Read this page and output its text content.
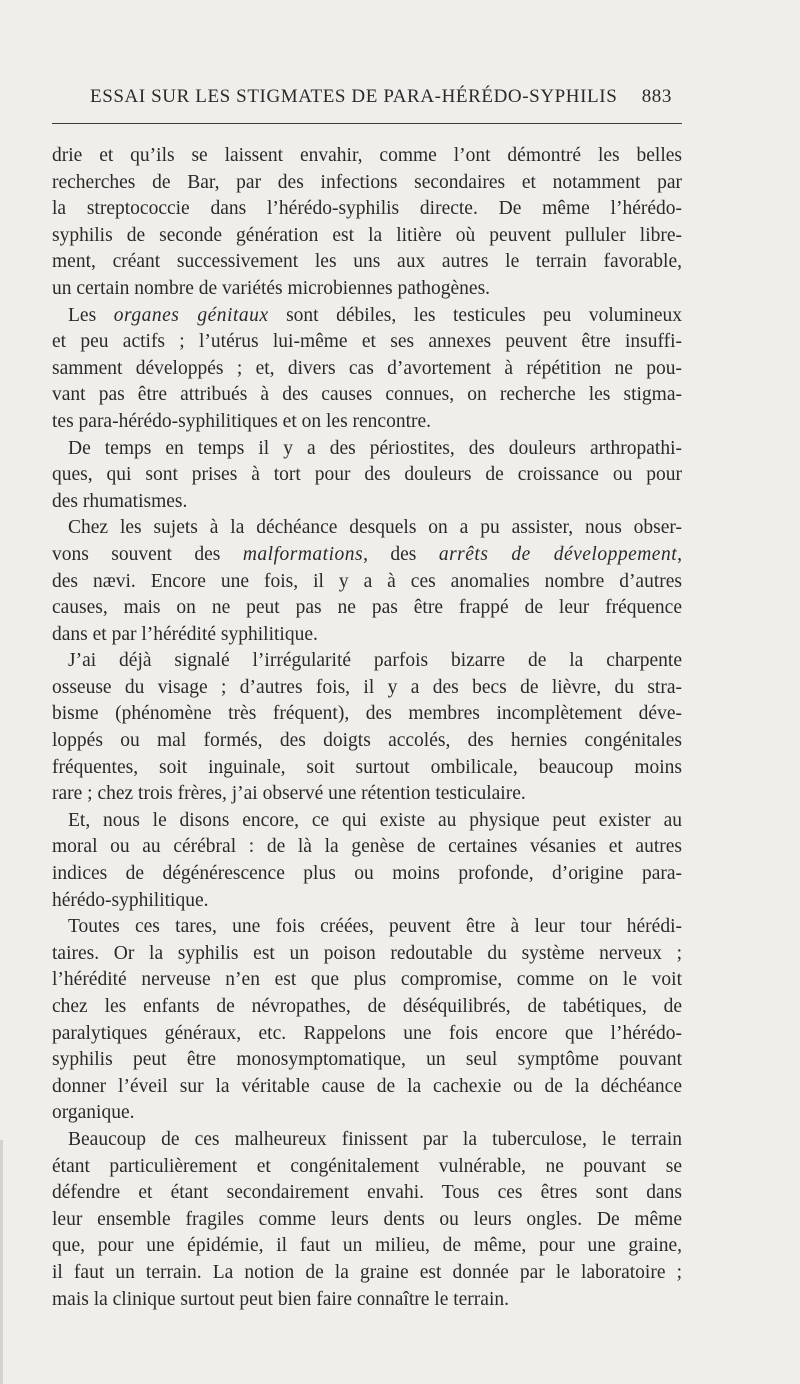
ESSAI SUR LES STIGMATES DE PARA-HÉRÉDO-SYPHILIS 883
drie et qu’ils se laissent envahir, comme l’ont démontré les belles
recherches de Bar, par des infections secondaires et notamment par
la streptococcie dans l’hérédo-syphilis directe. De même l’hérédo-
syphilis de seconde génération est la litière où peuvent pulluler libre-
ment, créant successivement les uns aux autres le terrain favorable,
un certain nombre de variétés microbiennes pathogènes.
Les organes génitaux sont débiles, les testicules peu volumineux
et peu actifs ; l’utérus lui-même et ses annexes peuvent être insuffi-
samment développés ; et, divers cas d’avortement à répétition ne pou-
vant pas être attribués à des causes connues, on recherche les stigma-
tes para-hérédo-syphilitiques et on les rencontre.
De temps en temps il y a des périostites, des douleurs arthropathi-
ques, qui sont prises à tort pour des douleurs de croissance ou pour
des rhumatismes.
Chez les sujets à la déchéance desquels on a pu assister, nous obser-
vons souvent des malformations, des arrêts de développement,
des nævi. Encore une fois, il y a à ces anomalies nombre d’autres
causes, mais on ne peut pas ne pas être frappé de leur fréquence
dans et par l’hérédité syphilitique.
J’ai déjà signalé l’irrégularité parfois bizarre de la charpente
osseuse du visage ; d’autres fois, il y a des becs de lièvre, du stra-
bisme (phénomène très fréquent), des membres incomplètement déve-
loppés ou mal formés, des doigts accolés, des hernies congénitales
fréquentes, soit inguinale, soit surtout ombilicale, beaucoup moins
rare ; chez trois frères, j’ai observé une rétention testiculaire.
Et, nous le disons encore, ce qui existe au physique peut exister au
moral ou au cérébral : de là la genèse de certaines vésanies et autres
indices de dégénérescence plus ou moins profonde, d’origine para-
hérédo-syphilitique.
Toutes ces tares, une fois créées, peuvent être à leur tour hérédi-
taires. Or la syphilis est un poison redoutable du système nerveux ;
l’hérédité nerveuse n’en est que plus compromise, comme on le voit
chez les enfants de névropathes, de déséquilibrés, de tabétiques, de
paralytiques généraux, etc. Rappelons une fois encore que l’hérédo-
syphilis peut être monosymptomatique, un seul symptôme pouvant
donner l’éveil sur la véritable cause de la cachexie ou de la déchéance
organique.
Beaucoup de ces malheureux finissent par la tuberculose, le terrain
étant particulièrement et congénitalement vulnérable, ne pouvant se
défendre et étant secondairement envahi. Tous ces êtres sont dans
leur ensemble fragiles comme leurs dents ou leurs ongles. De même
que, pour une épidémie, il faut un milieu, de même, pour une graine,
il faut un terrain. La notion de la graine est donnée par le laboratoire ;
mais la clinique surtout peut bien faire connaître le terrain.
